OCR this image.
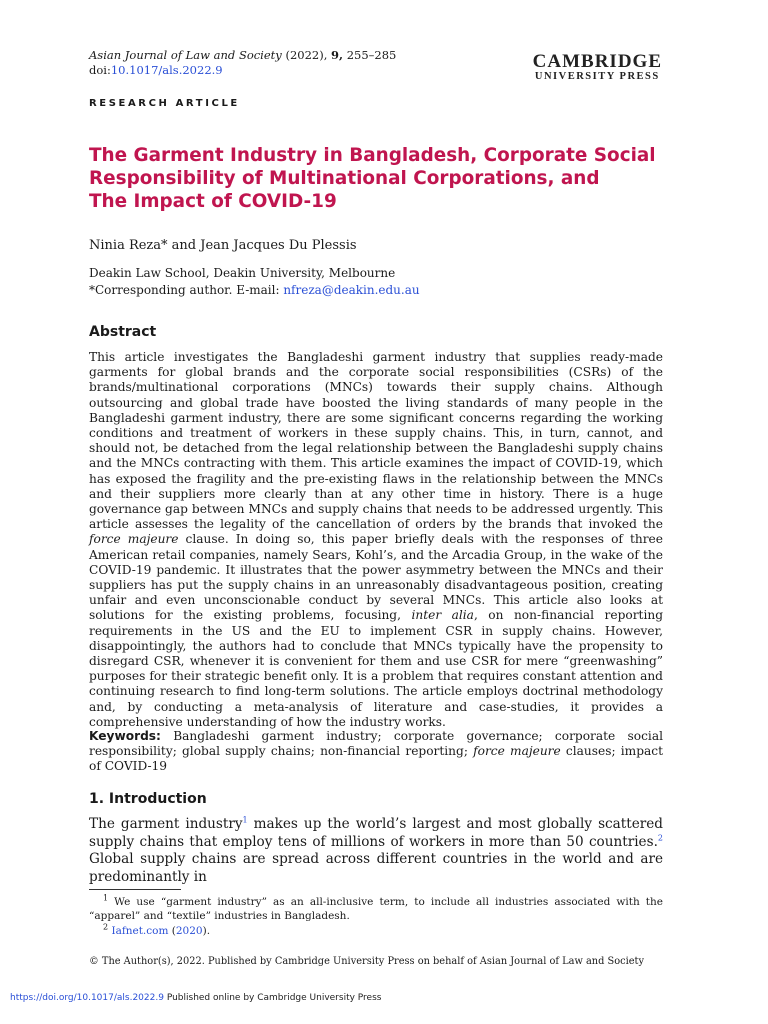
Asian Journal of Law and Society (2022), 9, 255–285
doi:10.1017/als.2022.9	CAMBRIDGE
UNIVERSITY PRESS
RESEARCH ARTICLE
The Garment Industry in Bangladesh, Corporate Social
Responsibility of Multinational Corporations, and
The Impact of COVID-19
Ninia Reza* and Jean Jacques Du Plessis
Deakin Law School, Deakin University, Melbourne
*Corresponding author. E-mail: nfreza@deakin.edu.au
Abstract
This article investigates the Bangladeshi garment industry that supplies ready-made garments for global brands and the corporate social responsibilities (CSRs) of the brands/multinational corporations (MNCs) towards their supply chains. Although outsourcing and global trade have boosted the living standards of many people in the Bangladeshi garment industry, there are some significant concerns regarding the working conditions and treatment of workers in these supply chains. This, in turn, cannot, and should not, be detached from the legal relationship between the Bangladeshi supply chains and the MNCs contracting with them. This article examines the impact of COVID-19, which has exposed the fragility and the pre-existing flaws in the relationship between the MNCs and their suppliers more clearly than at any other time in history. There is a huge governance gap between MNCs and supply chains that needs to be addressed urgently. This article assesses the legality of the cancellation of orders by the brands that invoked the force majeure clause. In doing so, this paper briefly deals with the responses of three American retail companies, namely Sears, Kohl’s, and the Arcadia Group, in the wake of the COVID-19 pandemic. It illustrates that the power asymmetry between the MNCs and their suppliers has put the supply chains in an unreasonably disadvantageous position, creating unfair and even unconscionable conduct by several MNCs. This article also looks at solutions for the existing problems, focusing, inter alia, on non-financial reporting requirements in the US and the EU to implement CSR in supply chains. However, disappointingly, the authors had to conclude that MNCs typically have the propensity to disregard CSR, whenever it is convenient for them and use CSR for mere “greenwashing” purposes for their strategic benefit only. It is a problem that requires constant attention and continuing research to find long-term solutions. The article employs doctrinal methodology and, by conducting a meta-analysis of literature and case-studies, it provides a comprehensive understanding of how the industry works.
Keywords: Bangladeshi garment industry; corporate governance; corporate social responsibility; global supply chains; non-financial reporting; force majeure clauses; impact of COVID-19
1. Introduction
The garment industry$^1$ makes up the world’s largest and most globally scattered supply chains that employ tens of millions of workers in more than 50 countries.$^2$ Global supply chains are spread across different countries in the world and are predominantly in
$^1$ We use “garment industry” as an all-inclusive term, to include all industries associated with the “apparel” and “textile” industries in Bangladesh.
$^2$ Iafnet.com (2020).
© The Author(s), 2022. Published by Cambridge University Press on behalf of Asian Journal of Law and Society
https://doi.org/10.1017/als.2022.9 Published online by Cambridge University Press
